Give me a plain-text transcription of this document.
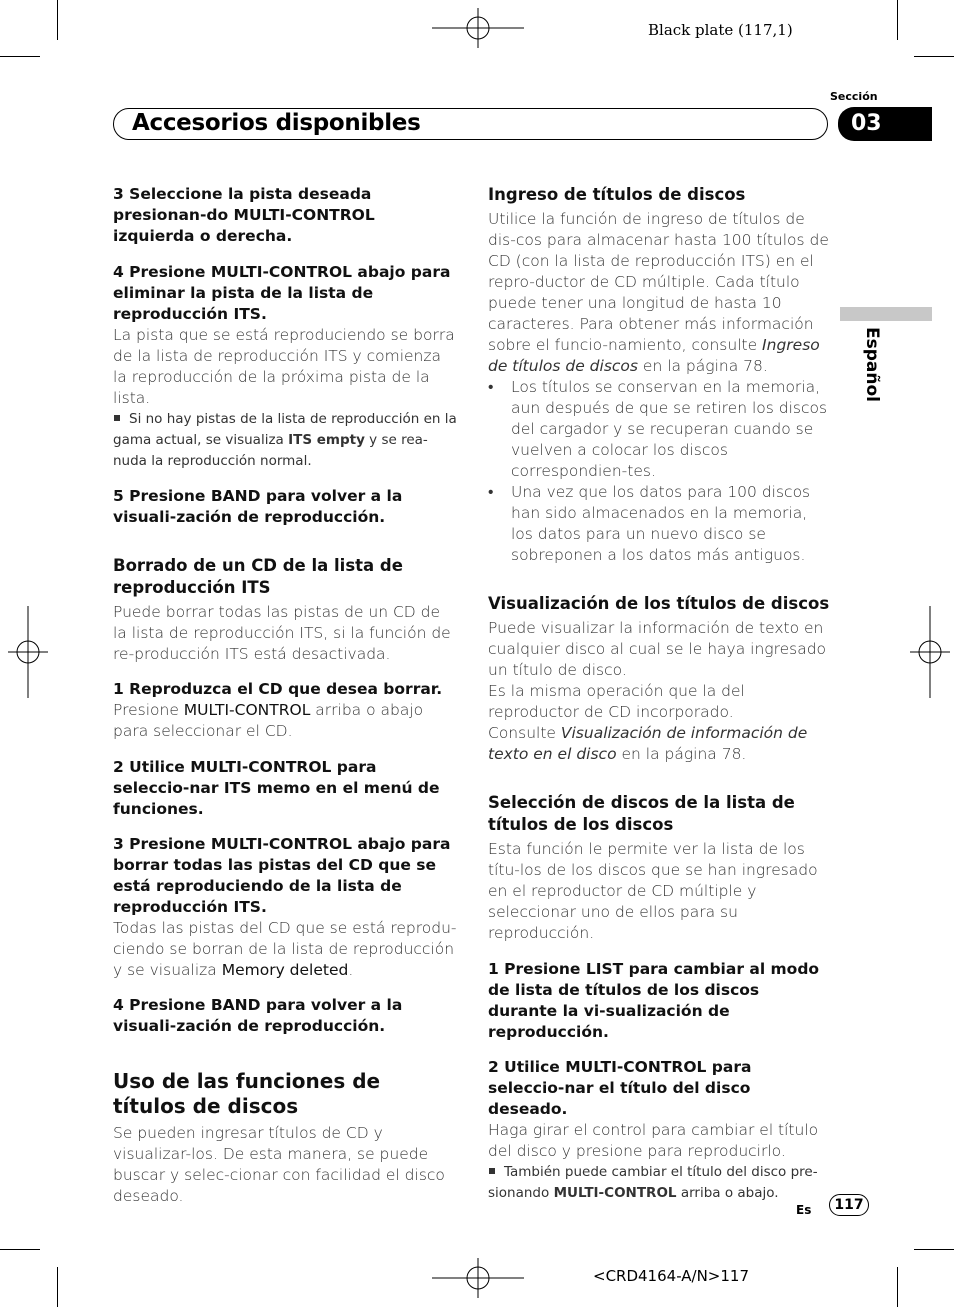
Black plate (117,1)
Sección
Accesorios disponibles	03
Español

3 Seleccione la pista deseada presionan-do MULTI-CONTROL izquierda o derecha.

4 Presione MULTI-CONTROL abajo para eliminar la pista de la lista de reproducción ITS.

La pista que se está reproduciendo se borra de la lista de reproducción ITS y comienza la reproducción de la próxima pista de la lista.

Si no hay pistas de la lista de reproducción en la gama actual, se visualiza ITS empty y se rea-nuda la reproducción normal.

5 Presione BAND para volver a la visuali-zación de reproducción.

Borrado de un CD de la lista de reproducción ITS

Puede borrar todas las pistas de un CD de la lista de reproducción ITS, si la función de re-producción ITS está desactivada.

1 Reproduzca el CD que desea borrar.

Presione MULTI-CONTROL arriba o abajo para seleccionar el CD.

2 Utilice MULTI-CONTROL para seleccio-nar ITS memo en el menú de funciones.

3 Presione MULTI-CONTROL abajo para borrar todas las pistas del CD que se está reproduciendo de la lista de reproducción ITS.

Todas las pistas del CD que se está reprodu-ciendo se borran de la lista de reproducción y se visualiza Memory deleted.

4 Presione BAND para volver a la visuali-zación de reproducción.

Uso de las funciones de títulos de discos

Se pueden ingresar títulos de CD y visualizar-los. De esta manera, se puede buscar y selec-cionar con facilidad el disco deseado.

Ingreso de títulos de discos

Utilice la función de ingreso de títulos de dis-cos para almacenar hasta 100 títulos de CD (con la lista de reproducción ITS) en el repro-ductor de CD múltiple. Cada título puede tener una longitud de hasta 10 caracteres. Para obtener más información sobre el funcio-namiento, consulte Ingreso de títulos de discos en la página 78.

• Los títulos se conservan en la memoria, aun después de que se retiren los discos del cargador y se recuperan cuando se vuelven a colocar los discos correspondien-tes.

• Una vez que los datos para 100 discos han sido almacenados en la memoria, los datos para un nuevo disco se sobreponen a los datos más antiguos.

Visualización de los títulos de discos

Puede visualizar la información de texto en cualquier disco al cual se le haya ingresado un título de disco.

Es la misma operación que la del reproductor de CD incorporado.

Consulte Visualización de información de texto en el disco en la página 78.

Selección de discos de la lista de títulos de los discos

Esta función le permite ver la lista de los títu-los de los discos que se han ingresado en el reproductor de CD múltiple y seleccionar uno de ellos para su reproducción.

1 Presione LIST para cambiar al modo de lista de títulos de los discos durante la vi-sualización de reproducción.

2 Utilice MULTI-CONTROL para seleccio-nar el título del disco deseado.

Haga girar el control para cambiar el título del disco y presione para reproducirlo.

También puede cambiar el título del disco pre-sionando MULTI-CONTROL arriba o abajo.

Es	117
<CRD4164-A/N>117
